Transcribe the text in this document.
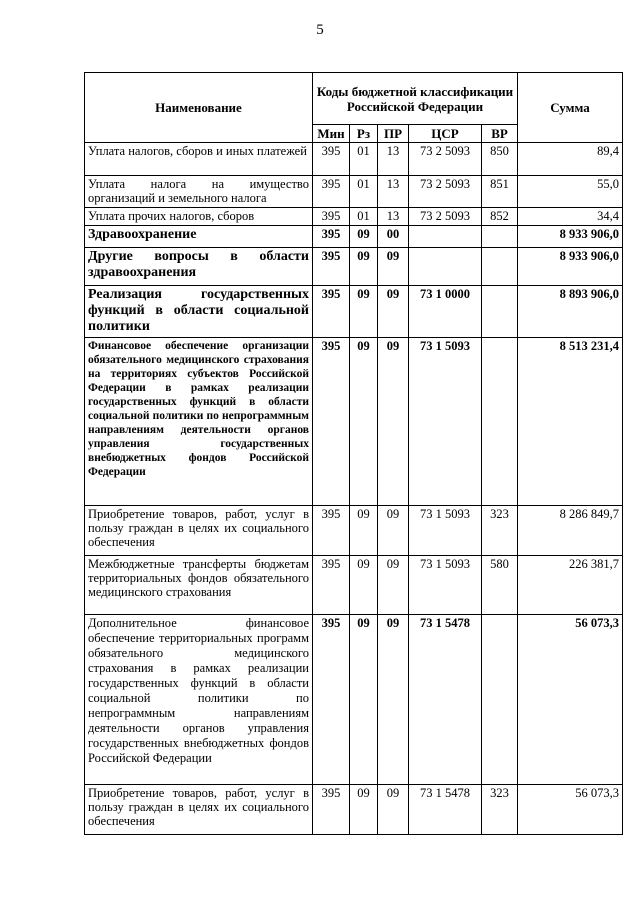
5
Наименование	Коды бюджетной классификации Российской Федерации					Сумма
	Мин	Рз	ПР	ЦСР	ВР	
Уплата налогов, сборов и иных платежей	395	01	13	73 2 5093	850	89,4
Уплата налога на имущество организаций и земельного налога	395	01	13	73 2 5093	851	55,0
Уплата прочих налогов, сборов	395	01	13	73 2 5093	852	34,4
Здравоохранение	395	09	00			8 933 906,0
Другие вопросы в области здравоохранения	395	09	09			8 933 906,0
Реализация государственных функций в области социальной политики	395	09	09	73 1 0000		8 893 906,0
Финансовое обеспечение организации обязательного медицинского страхования на территориях субъектов Российской Федерации в рамках реализации государственных функций в области социальной политики по непрограммным направлениям деятельности органов управления государственных внебюджетных фондов Российской Федерации	395	09	09	73 1 5093		8 513 231,4
Приобретение товаров, работ, услуг в пользу граждан в целях их социального обеспечения	395	09	09	73 1 5093	323	8 286 849,7
Межбюджетные трансферты бюджетам территориальных фондов обязательного медицинского страхования	395	09	09	73 1 5093	580	226 381,7
Дополнительное финансовое обеспечение территориальных программ обязательного медицинского страхования в рамках реализации государственных функций в области социальной политики по непрограммным направлениям деятельности органов управления государственных внебюджетных фондов Российской Федерации	395	09	09	73 1 5478		56 073,3
Приобретение товаров, работ, услуг в пользу граждан в целях их социального обеспечения	395	09	09	73 1 5478	323	56 073,3
